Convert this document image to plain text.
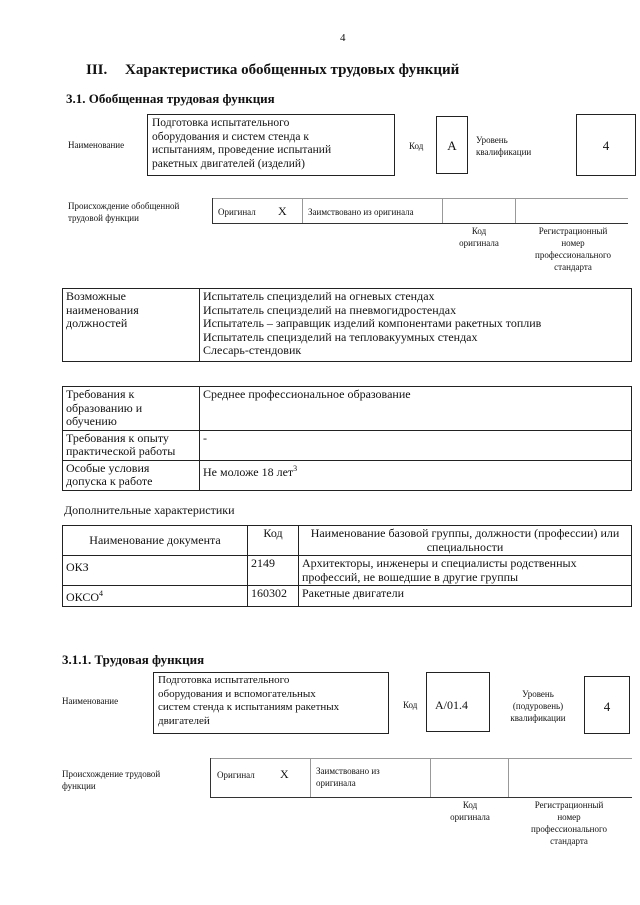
4
III. Характеристика обобщенных трудовых функций
3.1. Обобщенная трудовая функция
Наименование
Подготовка испытательного
оборудования и систем стенда к
испытаниям, проведение испытаний
ракетных двигателей (изделий)
Код	А	Уровень
квалификации	4
Происхождение обобщенной
трудовой функции
Оригинал X Заимствовано из оригинала
Код
оригинала
Регистрационный
номер
профессионального
стандарта
Возможные
наименования
должностей

Испытатель специзделий на огневых стендах
Испытатель специзделий на пневмогидростендах
Испытатель – заправщик изделий компонентами ракетных топлив
Испытатель специзделий на тепловакуумных стендах
Слесарь-стендовик
Требования к
образованию и
обучению	Среднее профессиональное образование

Требования к опыту
практической работы	-

Особые условия
допуска к работе	Не моложе 18 лет$^3$
Дополнительные характеристики
Наименование документа	Код	Наименование базовой группы, должности (профессии) или специальности
ОКЗ	2149	Архитекторы, инженеры и специалисты родственных профессий, не вошедшие в другие группы
ОКСО$^4$	160302	Ракетные двигатели
3.1.1. Трудовая функция
Наименование
Подготовка испытательного
оборудования и вспомогательных
систем стенда к испытаниям ракетных
двигателей
Код A/01.4
Уровень
(подуровень)
квалификации
4
Происхождение трудовой
функции
Оригинал X	Заимствовано из
оригинала
Код
оригинала
Регистрационный
номер
профессионального
стандарта
